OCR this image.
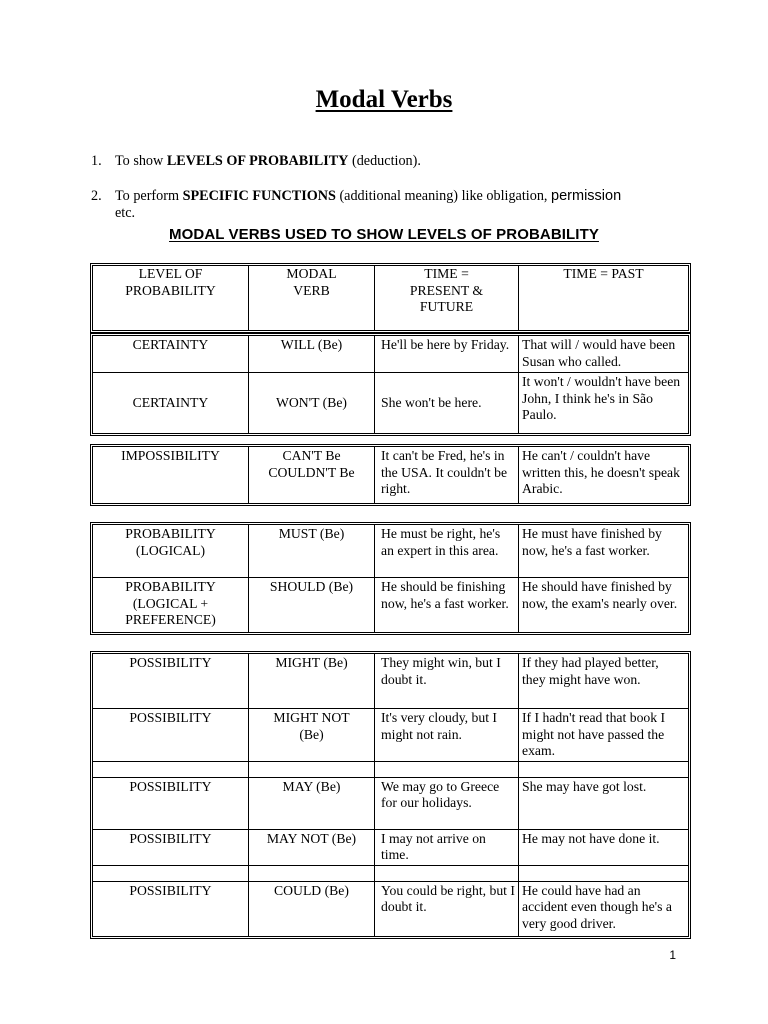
Modal Verbs
1. To show LEVELS OF PROBABILITY (deduction).
2. To perform SPECIFIC FUNCTIONS (additional meaning) like obligation, permission
etc.
MODAL VERBS USED TO SHOW LEVELS OF PROBABILITY
LEVEL OF PROBABILITY	MODAL VERB	TIME = PRESENT & FUTURE	TIME = PAST
CERTAINTY	WILL (Be)	He'll be here by Friday.	That will / would have been Susan who called.
CERTAINTY	WON'T (Be)	She won't be here.	It won't / wouldn't have been John, I think he's in São Paulo.
IMPOSSIBILITY	CAN'T Be COULDN'T Be	It can't be Fred, he's in the USA. It couldn't be right.	He can't / couldn't have written this, he doesn't speak Arabic.
PROBABILITY (LOGICAL)	MUST (Be)	He must be right, he's an expert in this area.	He must have finished by now, he's a fast worker.
PROBABILITY (LOGICAL + PREFERENCE)	SHOULD (Be)	He should be finishing now, he's a fast worker.	He should have finished by now, the exam's nearly over.
POSSIBILITY	MIGHT (Be)	They might win, but I doubt it.	If they had played better, they might have won.
POSSIBILITY	MIGHT NOT (Be)	It's very cloudy, but I might not rain.	If I hadn't read that book I might not have passed the exam.

POSSIBILITY	MAY (Be)	We may go to Greece for our holidays.	She may have got lost.
POSSIBILITY	MAY NOT (Be)	I may not arrive on time.	He may not have done it.

POSSIBILITY	COULD (Be)	You could be right, but I doubt it.	He could have had an accident even though he's a very good driver.
1
